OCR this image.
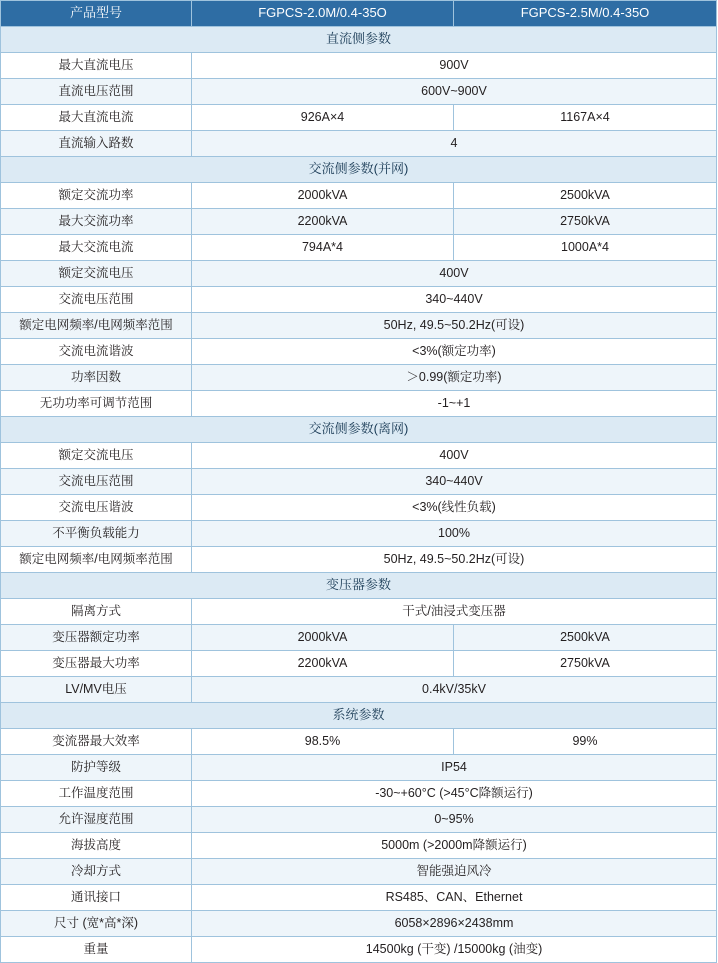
产品型号	FGPCS-2.0M/0.4-35O	FGPCS-2.5M/0.4-35O
直流侧参数		
最大直流电压	900V	
直流电压范围	600V~900V	
最大直流电流	926A×4	1167A×4
直流输入路数	4	
交流侧参数(并网)		
额定交流功率	2000kVA	2500kVA
最大交流功率	2200kVA	2750kVA
最大交流电流	794A*4	1000A*4
额定交流电压	400V	
交流电压范围	340~440V	
额定电网频率/电网频率范围	50Hz, 49.5~50.2Hz(可设)	
交流电流谐波	<3%(额定功率)	
功率因数	＞0.99(额定功率)	
无功功率可调节范围	-1~+1	
交流侧参数(离网)		
额定交流电压	400V	
交流电压范围	340~440V	
交流电压谐波	<3%(线性负载)	
不平衡负载能力	100%	
额定电网频率/电网频率范围	50Hz, 49.5~50.2Hz(可设)	
变压器参数		
隔离方式	干式/油浸式变压器	
变压器额定功率	2000kVA	2500kVA
变压器最大功率	2200kVA	2750kVA
LV/MV电压	0.4kV/35kV	
系统参数		
变流器最大效率	98.5%	99%
防护等级	IP54	
工作温度范围	-30~+60°C (>45°C降额运行)	
允许湿度范围	0~95%	
海拔高度	5000m (>2000m降额运行)	
冷却方式	智能强迫风冷	
通讯接口	RS485、CAN、Ethernet	
尺寸 (宽*高*深)	6058×2896×2438mm	
重量	14500kg (干变) /15000kg (油变)	
